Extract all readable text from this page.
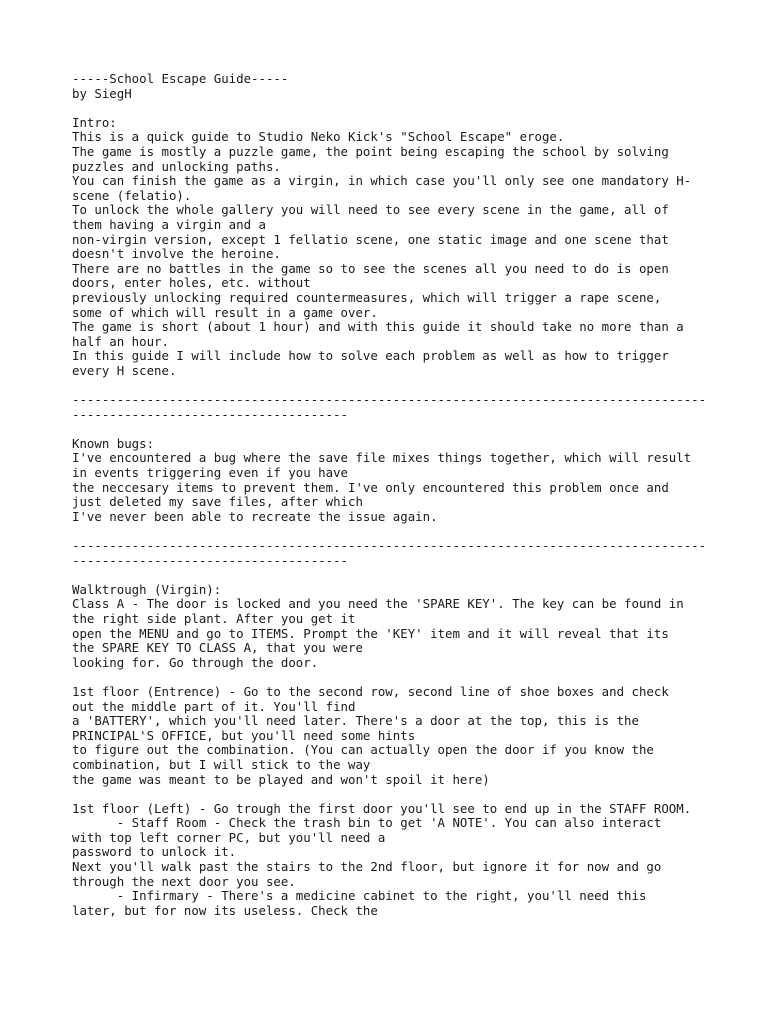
-----School Escape Guide-----
by SiegH
Intro:
This is a quick guide to Studio Neko Kick's "School Escape" eroge.
The game is mostly a puzzle game, the point being escaping the school by solving
puzzles and unlocking paths.
You can finish the game as a virgin, in which case you'll only see one mandatory H-
scene (felatio).
To unlock the whole gallery you will need to see every scene in the game, all of
them having a virgin and a
non-virgin version, except 1 fellatio scene, one static image and one scene that
doesn't involve the heroine.
There are no battles in the game so to see the scenes all you need to do is open
doors, enter holes, etc. without
previously unlocking required countermeasures, which will trigger a rape scene,
some of which will result in a game over.
The game is short (about 1 hour) and with this guide it should take no more than a
half an hour.
In this guide I will include how to solve each problem as well as how to trigger
every H scene.
-------------------------------------------------------------------------------------
-------------------------------------
Known bugs:
I've encountered a bug where the save file mixes things together, which will result
in events triggering even if you have
the neccesary items to prevent them. I've only encountered this problem once and
just deleted my save files, after which
I've never been able to recreate the issue again.
-------------------------------------------------------------------------------------
-------------------------------------
Walktrough (Virgin):
Class A - The door is locked and you need the 'SPARE KEY'. The key can be found in
the right side plant. After you get it
open the MENU and go to ITEMS. Prompt the 'KEY' item and it will reveal that its
the SPARE KEY TO CLASS A, that you were
looking for. Go through the door.
1st floor (Entrence) - Go to the second row, second line of shoe boxes and check
out the middle part of it. You'll find
a 'BATTERY', which you'll need later. There's a door at the top, this is the
PRINCIPAL'S OFFICE, but you'll need some hints
to figure out the combination. (You can actually open the door if you know the
combination, but I will stick to the way
the game was meant to be played and won't spoil it here)
1st floor (Left) - Go trough the first door you'll see to end up in the STAFF ROOM.
- Staff Room - Check the trash bin to get 'A NOTE'. You can also interact
with top left corner PC, but you'll need a
password to unlock it.
Next you'll walk past the stairs to the 2nd floor, but ignore it for now and go
through the next door you see.
- Infirmary - There's a medicine cabinet to the right, you'll need this
later, but for now its useless. Check the
